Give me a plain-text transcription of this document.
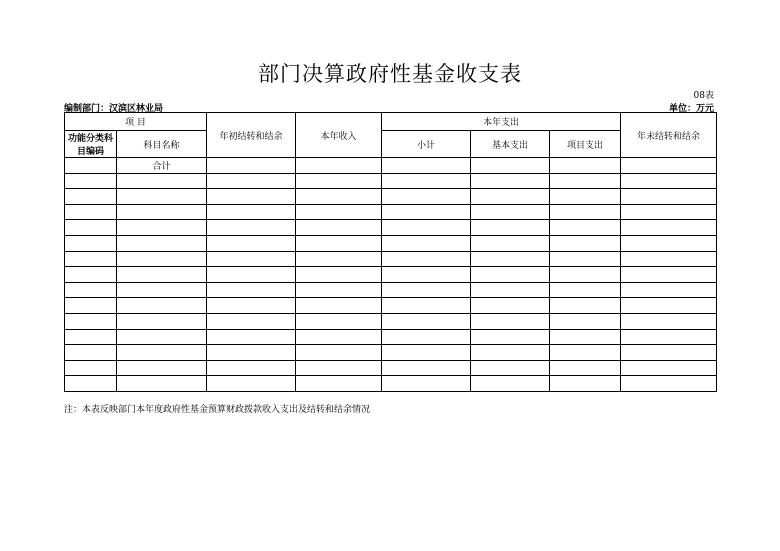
部门决算政府性基金收支表
08表
编制部门：汉滨区林业局	单位：万元
项 目		年初结转和结余	本年收入	本年支出			年末结转和结余
功能分类科目编码	科目名称			小计	基本支出	项目支出	
	合计						

注：本表反映部门本年度政府性基金预算财政拨款收入支出及结转和结余情况
